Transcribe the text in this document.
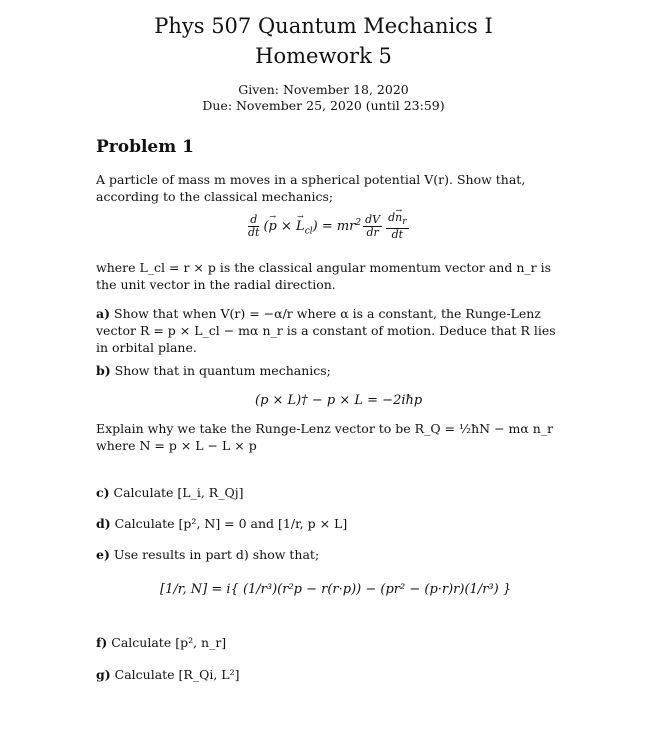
Phys 507 Quantum Mechanics I
Homework 5
Given: November 18, 2020
Due: November 25, 2020 (until 23:59)
Problem 1
A particle of mass m moves in a spherical potential V(r). Show that, according to the classical mechanics;
$\frac{d}{dt} (p$ → × $L \to_{cl}) = mr^2 \frac{dV}{dr} \frac{dn \to_r}{dt}$
where L_cl = r × p is the classical angular momentum vector and n_r is the unit vector in the radial direction.
a) Show that when V(r) = −α/r where α is a constant, the Runge-Lenz vector R = p × L_cl − mα n_r is a constant of motion. Deduce that R lies in orbital plane.
b) Show that in quantum mechanics;
(p × L)† − p × L = −2iħp
Explain why we take the Runge-Lenz vector to be R_Q = ½ħN − mα n_r where N = p × L − L × p
c) Calculate [L_i, R_Qj]
d) Calculate [p², N] = 0 and [1/r, p × L]
e) Use results in part d) show that;
[1/r, N] = i{ (1/r³)(r²p − r(r·p)) − (pr² − (p·r)r)(1/r³) }
f) Calculate [p², n_r]
g) Calculate [R_Qi, L²]
